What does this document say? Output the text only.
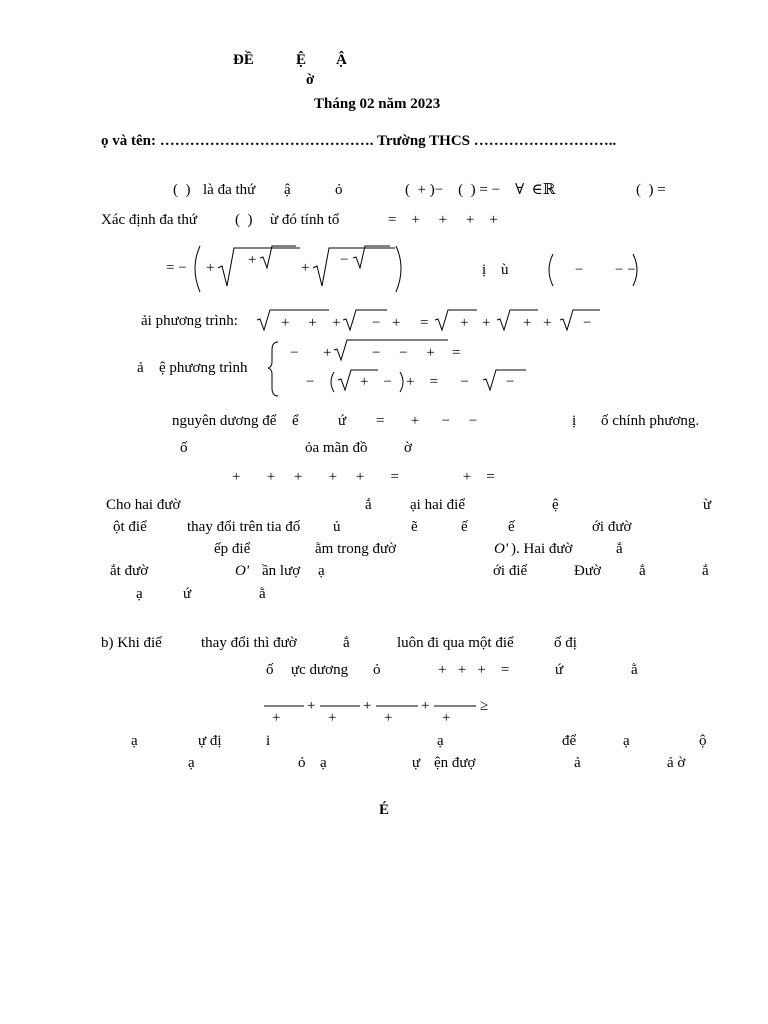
ĐỀ	Ệ Ậ
ờ
Tháng 02 năm 2023
ọ và tên: ……………………………………. Trường THCS ………………………..
(  ) là đa thứ ậ	ỏ	(  + )−    (  ) = −    ∀  ∈ℝ	(  ) =
Xác định đa thứ	(  ) ừ đó tính tổ	=    +     +     +    +
= − + +	+ −
ị ù	− − −
ải phương trình:	+     + + − + = + + + + −
ả ệ phương trình
− +	−     −     + =
−	+    − +    =      − −
nguyên dương để ể	ứ =       +      −     −	ị ố chính phương.
ố	ỏa mãn đồ ờ
+       +     +       +     +       =                 +    =
Cho hai đườ	ắ	ại hai điể	ệ	ừ
ột điể	thay đổi trên tia đố ủ	ẽ	ế	ế	ới đườ
ếp điể	ằm trong đườ	O' ). Hai đườ	ắ
ắt đườ	O' ần lượ ạ	ới điể	Đườ	ẳ	ắ
ạ	ứ	ằ
b) Khi điể	thay đổi thì đườ	ẳ	luôn đi qua một điể	ố đị
ố ực dương ỏ	+   +   +    =	ứ	ằ
+
+
+
+
+
+
+
≥
ạ	ự đị	i	ạ	để	ạ	ộ
ạ	ỏ ạ	ự ện đượ	ả	ả ờ
É
